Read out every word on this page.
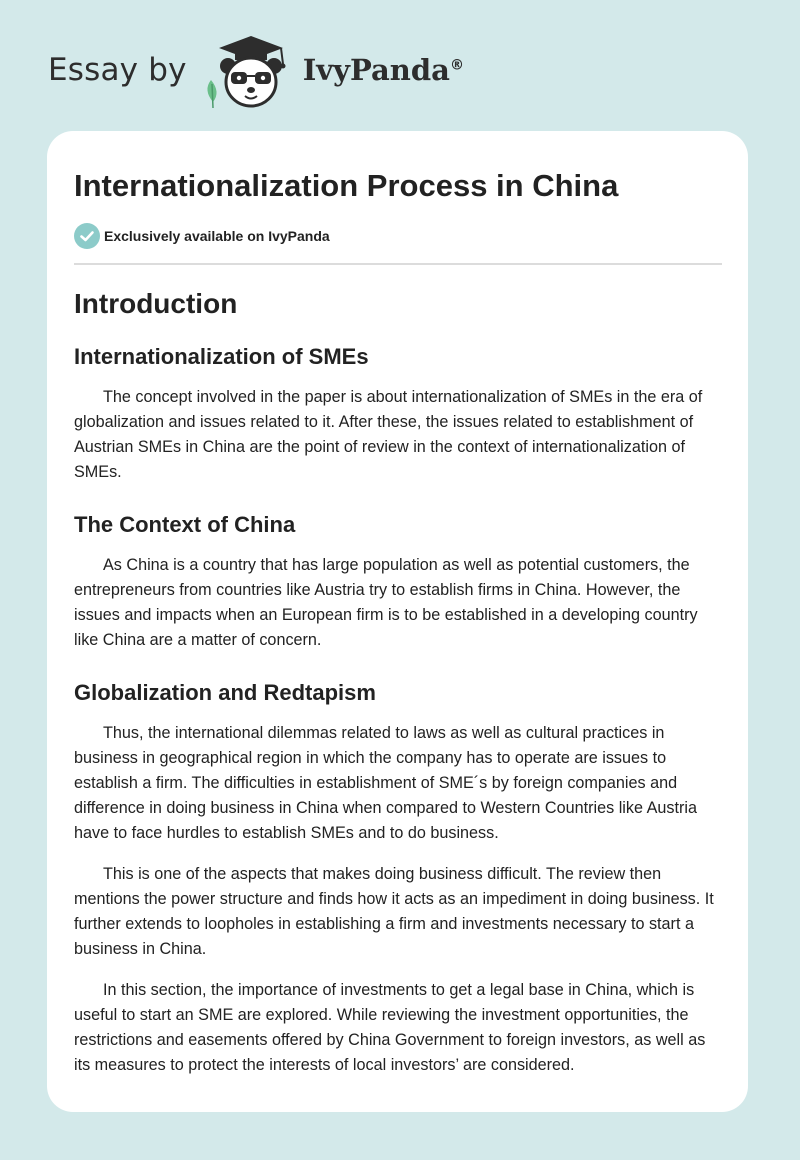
Essay by	IvyPanda®
Internationalization Process in China
Exclusively available on IvyPanda
Introduction
Internationalization of SMEs

The concept involved in the paper is about internationalization of SMEs in the era of globalization and issues related to it. After these, the issues related to establishment of Austrian SMEs in China are the point of review in the context of internationalization of SMEs.

The Context of China

As China is a country that has large population as well as potential customers, the entrepreneurs from countries like Austria try to establish firms in China. However, the issues and impacts when an European firm is to be established in a developing country like China are a matter of concern.

Globalization and Redtapism

Thus, the international dilemmas related to laws as well as cultural practices in business in geographical region in which the company has to operate are issues to establish a firm. The difficulties in establishment of SME´s by foreign companies and difference in doing business in China when compared to Western Countries like Austria have to face hurdles to establish SMEs and to do business.

This is one of the aspects that makes doing business difficult. The review then mentions the power structure and finds how it acts as an impediment in doing business. It further extends to loopholes in establishing a firm and investments necessary to start a business in China.

In this section, the importance of investments to get a legal base in China, which is useful to start an SME are explored. While reviewing the investment opportunities, the restrictions and easements offered by China Government to foreign investors, as well as its measures to protect the interests of local investors’ are considered.
